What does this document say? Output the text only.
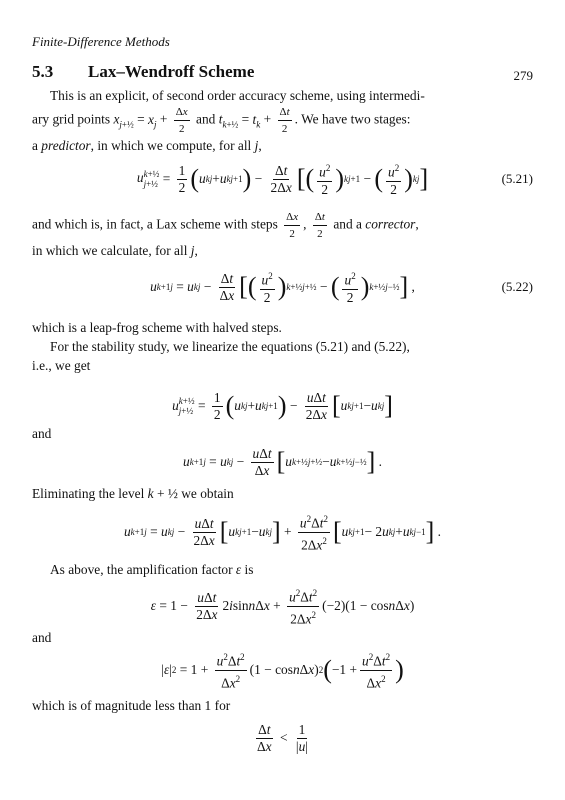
Finite-Difference Methods
279
5.3 Lax–Wendroff Scheme
This is an explicit, of second order accuracy scheme, using intermedi-
ary grid points $x_{j+\frac{1}{2}} = x_j + \frac{\Delta x}{2}$ and $t_{k+\frac{1}{2}} = t_k + \frac{\Delta t}{2}$ . We have two stages:
a predictor, in which we compute, for all j,
u k+½
j+½ = $\frac{1}{2}$ ( u k j + u k j+1 ) − $\frac{\Delta t}{2\Delta x}$ [ ( $\frac{u^2}{2}$ ) k j+1 − ( $\frac{u^2}{2}$ ) k j ]	(5.21)
and which is, in fact, a Lax scheme with steps $\frac{\Delta x}{2}$ , $\frac{\Delta t}{2}$ and a corrector,
in which we calculate, for all j,
u k+1 j = u k $j - \frac{\Delta t}{\Delta x}$ [ ( $\frac{u^2}{2}$ ) k+½ j+½ − ( $\frac{u^2}{2}$ ) k+½ j−½ ] ,	(5.22)
which is a leap-frog scheme with halved steps.
For the stability study, we linearize the equations (5.21) and (5.22),
i.e., we get
u k+½
j+½ = $\frac{1}{2}$ ( u k j + u k j+1 ) − $\frac{\text{uΔt}}{2\Delta x}$ [ u k j+1 − u k j ]
and
u k+1 j = u k $j - \frac{\text{uΔt}}{\Delta x}$ [ u k+½ j+½ − u k+½ j−½ ] .
Eliminating the level k + ½ we obtain
u k+1 j = u k $j - \frac{\text{uΔt}}{2\Delta x}$ [ u k j+1 − u k j ] + $\frac{u^2\Delta t^2}{2\Delta x^2}$ [ u k j+1 − 2 u k j + u k j−1 ] .
As above, the amplification factor ε is
$\varepsilon = 1 - \frac{\text{uΔt}}{2\Delta x} 2$ i sin n Δ $x + \frac{u^2\Delta t^2}{2\Delta x^2} (-2)(1 - \cos n$ Δ x )
and
| ε | $2 = 1 + \frac{u^2\Delta t^2}{\Delta x^2} (1 - \cos n$ Δ x ) 2 ( $-1 + \frac{u^2\Delta t^2}{\Delta x^2}$ )
which is of magnitude less than 1 for
$\frac{\Delta t}{\Delta x} < \frac{1}{|u|}$
